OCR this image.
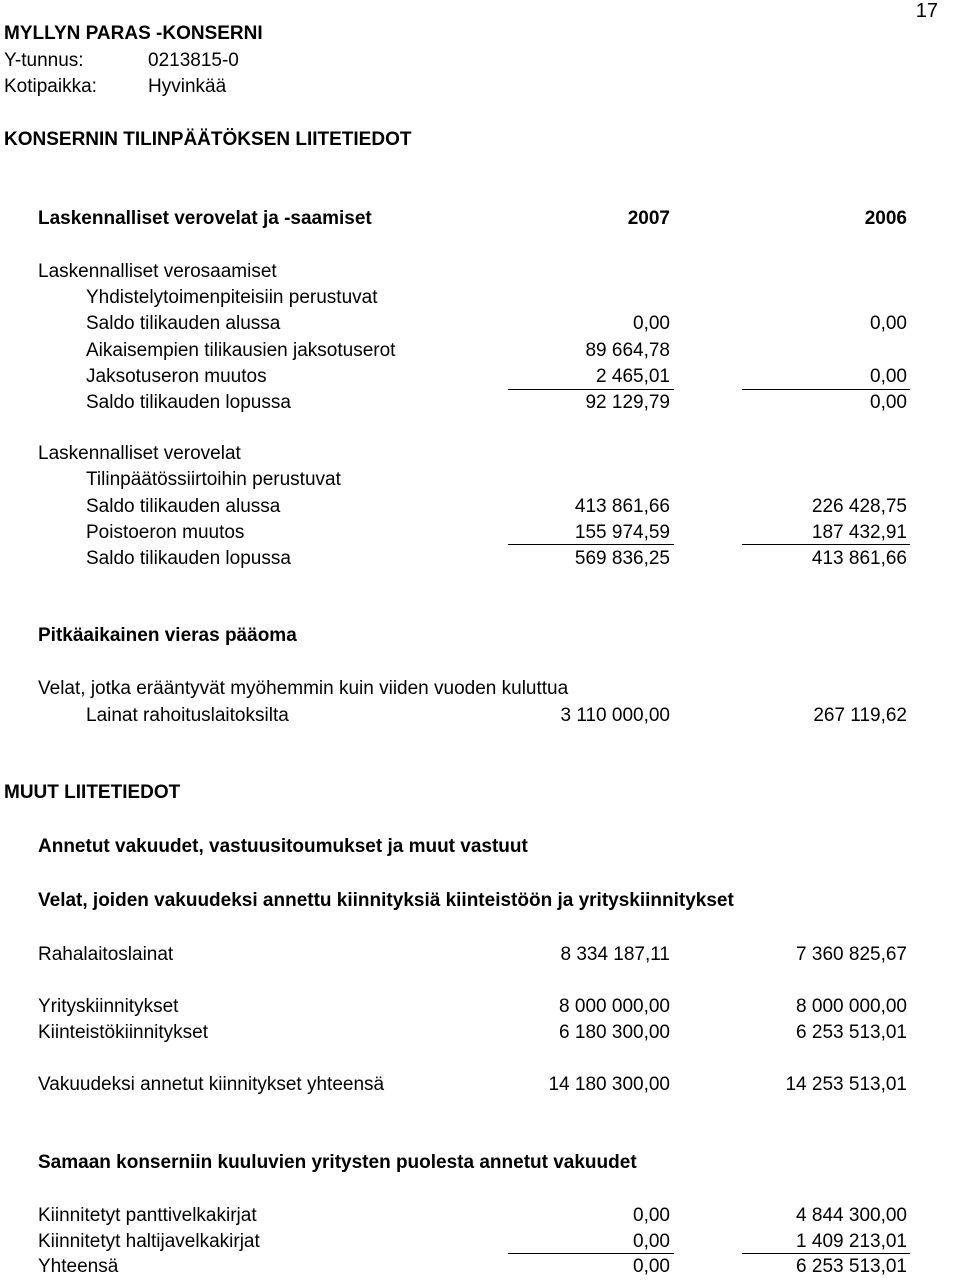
17
MYLLYN PARAS -KONSERNI
Y-tunnus:	0213815-0
Kotipaikka:	Hyvinkää
KONSERNIN TILINPÄÄTÖKSEN LIITETIEDOT
Laskennalliset verovelat ja -saamiset	2007	2006
Laskennalliset verosaamiset
Yhdistelytoimenpiteisiin perustuvat
Saldo tilikauden alussa	0,00	0,00
Aikaisempien tilikausien jaksotuserot	89 664,78
Jaksotuseron muutos	2 465,01	0,00
Saldo tilikauden lopussa	92 129,79	0,00
Laskennalliset verovelat
Tilinpäätössiirtoihin perustuvat
Saldo tilikauden alussa	413 861,66	226 428,75
Poistoeron muutos	155 974,59	187 432,91
Saldo tilikauden lopussa	569 836,25	413 861,66
Pitkäaikainen vieras pääoma
Velat, jotka erääntyvät myöhemmin kuin viiden vuoden kuluttua
Lainat rahoituslaitoksilta	3 110 000,00	267 119,62
MUUT LIITETIEDOT
Annetut vakuudet, vastuusitoumukset ja muut vastuut
Velat, joiden vakuudeksi annettu kiinnityksiä kiinteistöön ja yrityskiinnitykset
Rahalaitoslainat	8 334 187,11	7 360 825,67
Yrityskiinnitykset	8 000 000,00	8 000 000,00
Kiinteistökiinnitykset	6 180 300,00	6 253 513,01
Vakuudeksi annetut kiinnitykset yhteensä	14 180 300,00	14 253 513,01
Samaan konserniin kuuluvien yritysten puolesta annetut vakuudet
Kiinnitetyt panttivelkakirjat	0,00	4 844 300,00
Kiinnitetyt haltijavelkakirjat	0,00	1 409 213,01
Yhteensä	0,00	6 253 513,01
